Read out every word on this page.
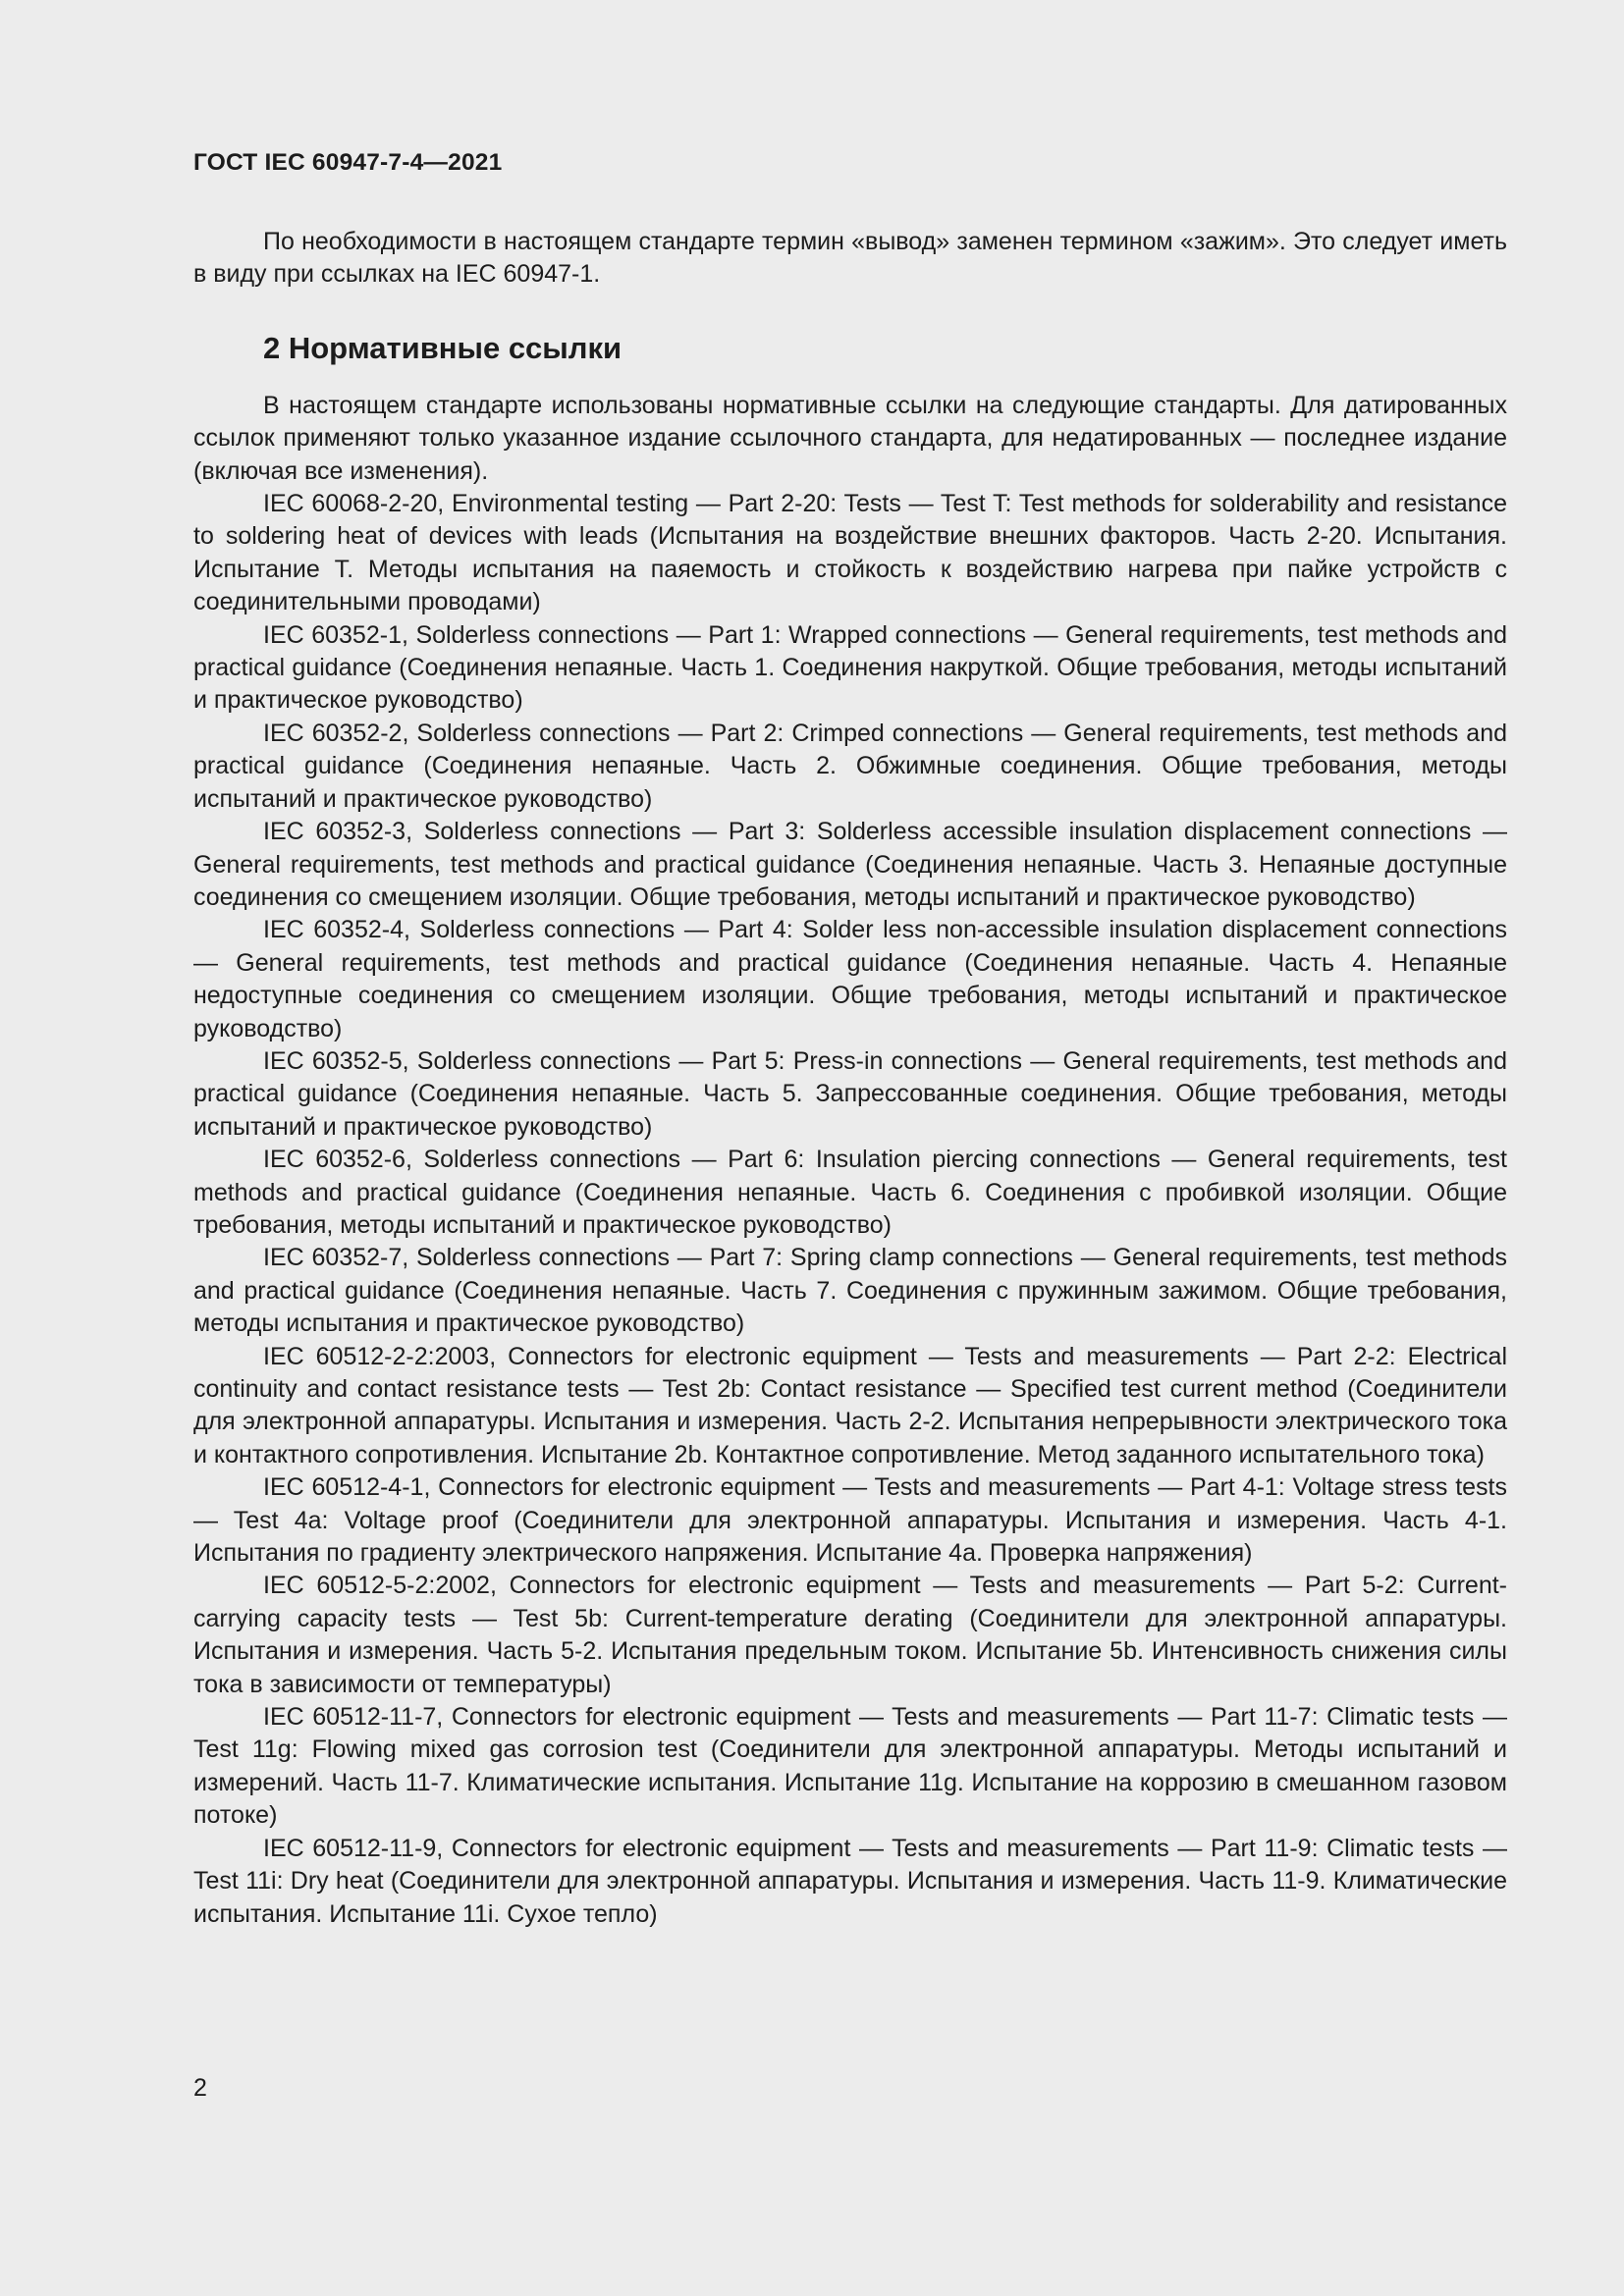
ГОСТ IEC 60947-7-4—2021

По необходимости в настоящем стандарте термин «вывод» заменен термином «зажим». Это следует иметь в виду при ссылках на IEC 60947-1.

2 Нормативные ссылки

В настоящем стандарте использованы нормативные ссылки на следующие стандарты. Для датированных ссылок применяют только указанное издание ссылочного стандарта, для недатированных — последнее издание (включая все изменения).

IEC 60068-2-20, Environmental testing — Part 2-20: Tests — Test T: Test methods for solderability and resistance to soldering heat of devices with leads (Испытания на воздействие внешних факторов. Часть 2-20. Испытания. Испытание T. Методы испытания на паяемость и стойкость к воздействию нагрева при пайке устройств с соединительными проводами)

IEC 60352-1, Solderless connections — Part 1: Wrapped connections — General requirements, test methods and practical guidance (Соединения непаяные. Часть 1. Соединения накруткой. Общие требования, методы испытаний и практическое руководство)

IEC 60352-2, Solderless connections — Part 2: Crimped connections — General requirements, test methods and practical guidance (Соединения непаяные. Часть 2. Обжимные соединения. Общие требования, методы испытаний и практическое руководство)

IEC 60352-3, Solderless connections — Part 3: Solderless accessible insulation displacement connections — General requirements, test methods and practical guidance (Соединения непаяные. Часть 3. Непаяные доступные соединения со смещением изоляции. Общие требования, методы испытаний и практическое руководство)

IEC 60352-4, Solderless connections — Part 4: Solder less non-accessible insulation displacement connections — General requirements, test methods and practical guidance (Соединения непаяные. Часть 4. Непаяные недоступные соединения со смещением изоляции. Общие требования, методы испытаний и практическое руководство)

IEC 60352-5, Solderless connections — Part 5: Press-in connections — General requirements, test methods and practical guidance (Соединения непаяные. Часть 5. Запрессованные соединения. Общие требования, методы испытаний и практическое руководство)

IEC 60352-6, Solderless connections — Part 6: Insulation piercing connections — General requirements, test methods and practical guidance (Соединения непаяные. Часть 6. Соединения с пробивкой изоляции. Общие требования, методы испытаний и практическое руководство)

IEC 60352-7, Solderless connections — Part 7: Spring clamp connections — General requirements, test methods and practical guidance (Соединения непаяные. Часть 7. Соединения с пружинным зажимом. Общие требования, методы испытания и практическое руководство)

IEC 60512-2-2:2003, Connectors for electronic equipment — Tests and measurements — Part 2-2: Electrical continuity and contact resistance tests — Test 2b: Contact resistance — Specified test current method (Соединители для электронной аппаратуры. Испытания и измерения. Часть 2-2. Испытания непрерывности электрического тока и контактного сопротивления. Испытание 2b. Контактное сопротивление. Метод заданного испытательного тока)

IEC 60512-4-1, Connectors for electronic equipment — Tests and measurements — Part 4-1: Voltage stress tests — Test 4a: Voltage proof (Соединители для электронной аппаратуры. Испытания и измерения. Часть 4-1. Испытания по градиенту электрического напряжения. Испытание 4a. Проверка напряжения)

IEC 60512-5-2:2002, Connectors for electronic equipment — Tests and measurements — Part 5-2: Current-carrying capacity tests — Test 5b: Current-temperature derating (Соединители для электронной аппаратуры. Испытания и измерения. Часть 5-2. Испытания предельным током. Испытание 5b. Интенсивность снижения силы тока в зависимости от температуры)

IEC 60512-11-7, Connectors for electronic equipment — Tests and measurements — Part 11-7: Climatic tests — Test 11g: Flowing mixed gas corrosion test (Соединители для электронной аппаратуры. Методы испытаний и измерений. Часть 11-7. Климатические испытания. Испытание 11g. Испытание на коррозию в смешанном газовом потоке)

IEC 60512-11-9, Connectors for electronic equipment — Tests and measurements — Part 11-9: Climatic tests — Test 11i: Dry heat (Соединители для электронной аппаратуры. Испытания и измерения. Часть 11-9. Климатические испытания. Испытание 11i. Сухое тепло)

2
